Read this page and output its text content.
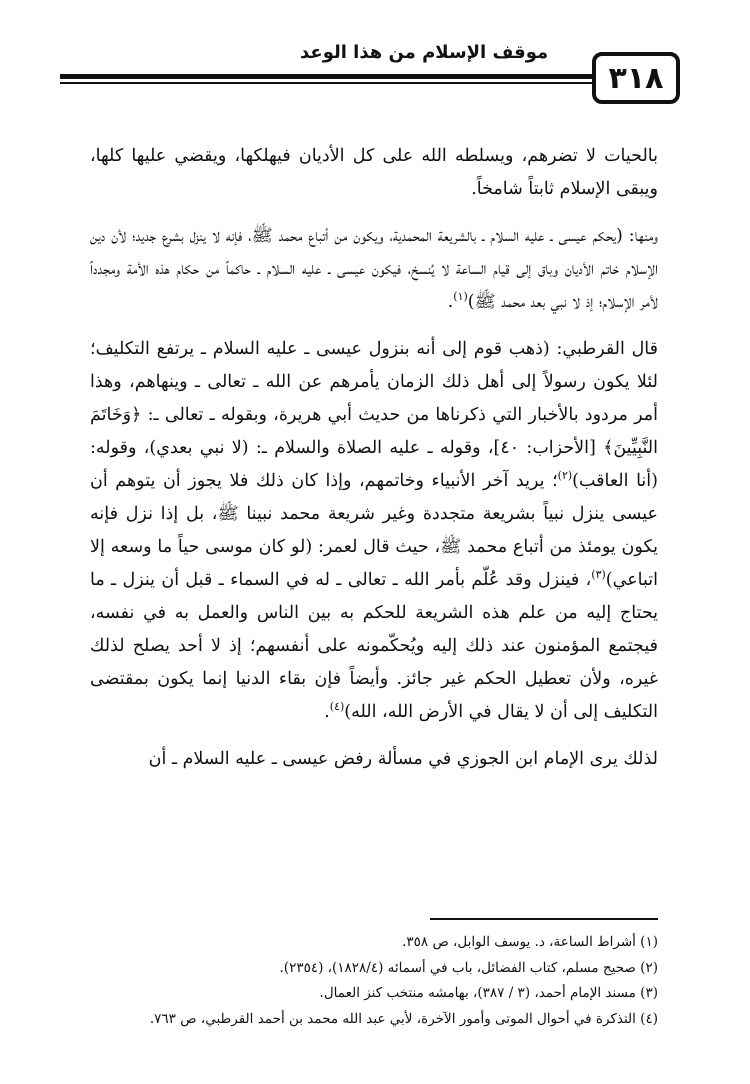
موقف الإسلام من هذا الوعد
٣١٨

بالحيات لا تضرهم، ويسلطه الله على كل الأديان فيهلكها، ويقضي عليها كلها، ويبقى الإسلام ثابتاً شامخاً.

ومنها: (يحكم عيسى ـ عليه السلام ـ بالشريعة المحمدية، ويكون من أتباع محمد ﷺ، فإنه لا ينزل بشرع جديد؛ لأن دين الإسلام خاتم الأديان وباق إلى قيام الساعة لا يُنسخ، فيكون عيسى ـ عليه السلام ـ حاكماً من حكام هذه الأمة ومجدداً لأمر الإسلام؛ إذ لا نبي بعد محمد ﷺ)$^{(١)}$.

قال القرطبي: (ذهب قوم إلى أنه بنزول عيسى ـ عليه السلام ـ يرتفع التكليف؛ لئلا يكون رسولاً إلى أهل ذلك الزمان يأمرهم عن الله ـ تعالى ـ وينهاهم، وهذا أمر مردود بالأخبار التي ذكرناها من حديث أبي هريرة، وبقوله ـ تعالى ـ: ﴿وَخَاتَمَ النَّبِيِّينَ﴾ [الأحزاب: ٤٠]، وقوله ـ عليه الصلاة والسلام ـ: (لا نبي بعدي)، وقوله: (أنا العاقب)$^{(٢)}$؛ يريد آخر الأنبياء وخاتمهم، وإذا كان ذلك فلا يجوز أن يتوهم أن عيسى ينزل نبياً بشريعة متجددة وغير شريعة محمد نبينا ﷺ، بل إذا نزل فإنه يكون يومئذ من أتباع محمد ﷺ، حيث قال لعمر: (لو كان موسى حياً ما وسعه إلا اتباعي)$^{(٣)}$، فينزل وقد عُلّم بأمر الله ـ تعالى ـ له في السماء ـ قبل أن ينزل ـ ما يحتاج إليه من علم هذه الشريعة للحكم به بين الناس والعمل به في نفسه، فيجتمع المؤمنون عند ذلك إليه ويُحكّمونه على أنفسهم؛ إذ لا أحد يصلح لذلك غيره، ولأن تعطيل الحكم غير جائز. وأيضاً فإن بقاء الدنيا إنما يكون بمقتضى التكليف إلى أن لا يقال في الأرض الله، الله)$^{(٤)}$.

لذلك يرى الإمام ابن الجوزي في مسألة رفض عيسى ـ عليه السلام ـ أن

(١) أشراط الساعة، د. يوسف الوابل، ص ٣٥٨.
(٢) صحيح مسلم، كتاب الفضائل، باب في أسمائه (١٨٢٨/٤)، (٢٣٥٤).
(٣) مسند الإمام أحمد، (٣ / ٣٨٧)، بهامشه منتخب كنز العمال.
(٤) التذكرة في أحوال الموتى وأمور الآخرة، لأبي عبد الله محمد بن أحمد القرطبي، ص ٧٦٣.
